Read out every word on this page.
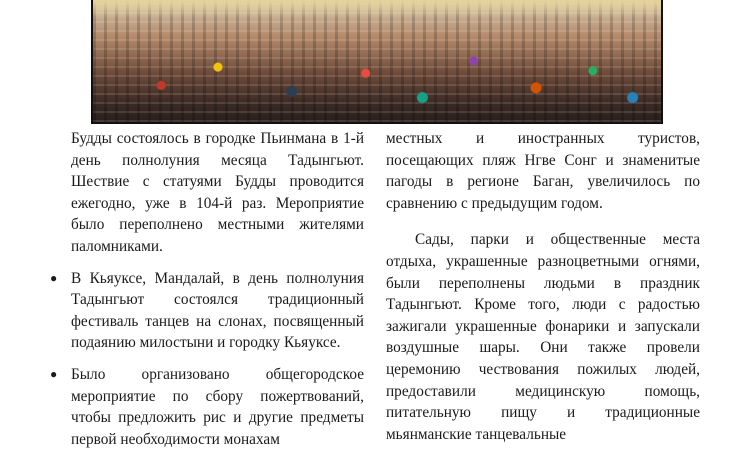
Будды состоялось в городке Пьинмана в 1-й день полнолуния месяца Тадынгьют. Шествие с статуями Будды проводится ежегодно, уже в 104-й раз. Мероприятие было переполнено местными жителями паломниками.

● В Кьяуксе, Мандалай, в день полнолуния Тадынгьют состоялся традиционный фестиваль танцев на слонах, посвященный подаянию милостыни и городку Кьяуксе.
● Было организовано общегородское мероприятие по сбору пожертвований, чтобы предложить рис и другие предметы первой необходимости монахам

местных и иностранных туристов, посещающих пляж Нгве Сонг и знаменитые пагоды в регионе Баган, увеличилось по сравнению с предыдущим годом.

Сады, парки и общественные места отдыха, украшенные разноцветными огнями, были переполнены людьми в праздник Тадынгьют. Кроме того, люди с радостью зажигали украшенные фонарики и запускали воздушные шары. Они также провели церемонию чествования пожилых людей, предоставили медицинскую помощь, питательную пищу и традиционные мьянманские танцевальные
